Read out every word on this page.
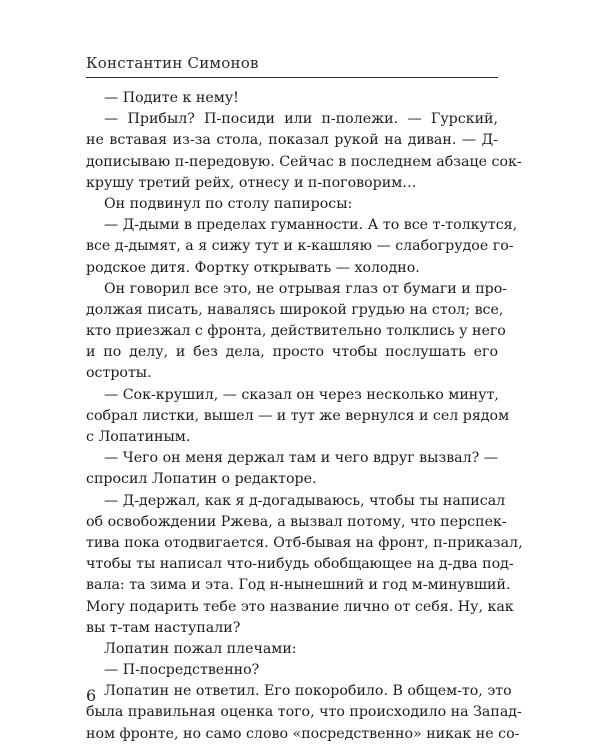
Константин Симонов
— Подите к нему!
— Прибыл? П-посиди или п-полежи. — Гурский,
не вставая из-за стола, показал рукой на диван. — Д-
дописываю п-передовую. Сейчас в последнем абзаце сок-
крушу третий рейх, отнесу и п-поговорим…
Он подвинул по столу папиросы:
— Д-дыми в пределах гуманности. А то все т-толкутся,
все д-дымят, а я сижу тут и к-кашляю — слабогрудое го-
родское дитя. Фортку открывать — холодно.
Он говорил все это, не отрывая глаз от бумаги и про-
должая писать, навалясь широкой грудью на стол; все,
кто приезжал с фронта, действительно толклись у него
и по делу, и без дела, просто чтобы послушать его
остроты.
— Сок-крушил, — сказал он через несколько минут,
собрал листки, вышел — и тут же вернулся и сел рядом
с Лопатиным.
— Чего он меня держал там и чего вдруг вызвал? —
спросил Лопатин о редакторе.
— Д-держал, как я д-догадываюсь, чтобы ты написал
об освобождении Ржева, а вызвал потому, что перспек-
тива пока отодвигается. Отб-бывая на фронт, п-приказал,
чтобы ты написал что-нибудь обобщающее на д-два под-
вала: та зима и эта. Год н-нынешний и год м-минувший.
Могу подарить тебе это название лично от себя. Ну, как
вы т-там наступали?
Лопатин пожал плечами:
— П-посредственно?
Лопатин не ответил. Его покоробило. В общем-то, это
была правильная оценка того, что происходило на Запад-
ном фронте, но само слово «посредственно» никак не со-
6
